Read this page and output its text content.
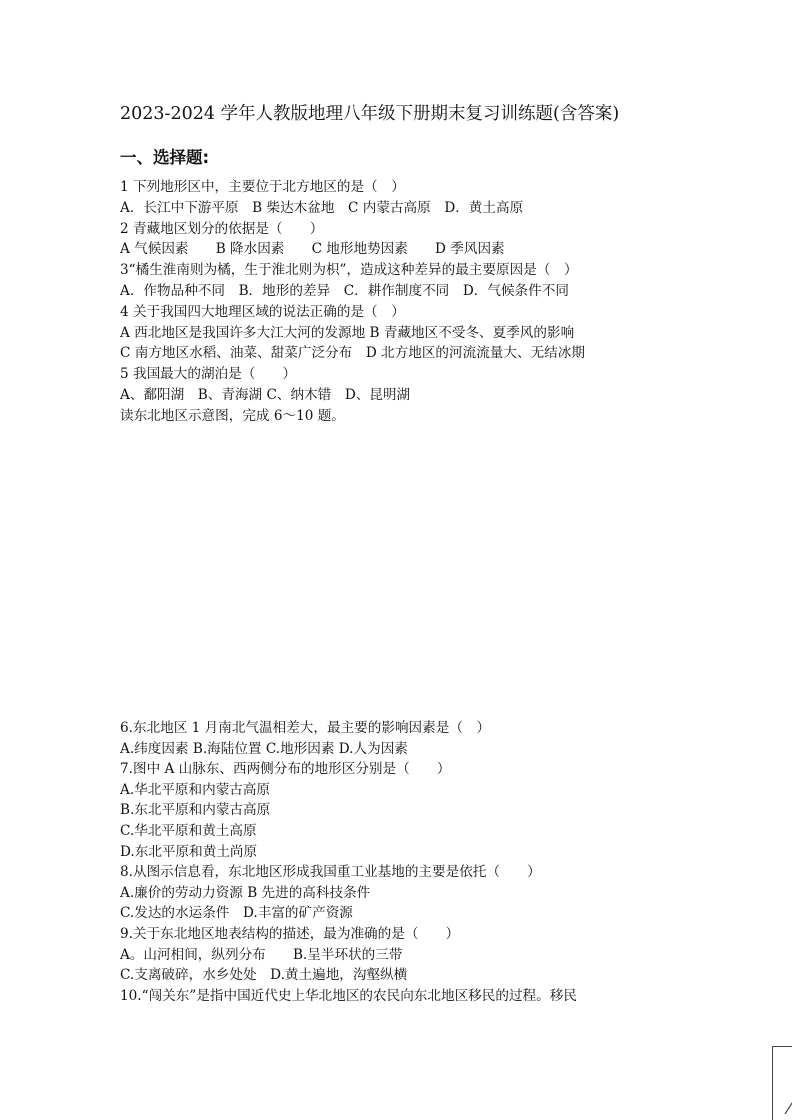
2023-2024 学年人教版地理八年级下册期末复习训练题(含答案)
一、选择题:
1 下列地形区中，主要位于北方地区的是（　）
A．长江中下游平原　B 柴达木盆地　C 内蒙古高原　D．黄土高原
2 青藏地区划分的依据是（　　）
A 气候因素　　B 降水因素　　C 地形地势因素　　D 季风因素
3“橘生淮南则为橘，生于淮北则为枳”，造成这种差异的最主要原因是（　）
A．作物品种不同　B．地形的差异　C．耕作制度不同　D．气候条件不同
4 关于我国四大地理区域的说法正确的是（　）
A 西北地区是我国许多大江大河的发源地 B 青藏地区不受冬、夏季风的影响
C 南方地区水稻、油菜、甜菜广泛分布　D 北方地区的河流流量大、无结冰期
5 我国最大的湖泊是（　　）
A、鄱阳湖　B、青海湖 C、纳木错　D、昆明湖
读东北地区示意图，完成 6～10 题。
6.东北地区 1 月南北气温相差大，最主要的影响因素是（　）
A.纬度因素 B.海陆位置 C.地形因素 D.人为因素
7.图中 A 山脉东、西两侧分布的地形区分别是（　　）
A.华北平原和内蒙古高原
B.东北平原和内蒙古高原
C.华北平原和黄土高原
D.东北平原和黄土尚原
8.从图示信息看，东北地区形成我国重工业基地的主要是依托（　　）
A.廉价的劳动力资源 B 先进的高科技条件
C.发达的水运条件　D.丰富的矿产资源
9.关于东北地区地表结构的描述，最为准确的是（　　）
A。山河相间，纵列分布　　B.呈半环状的三带
C.支离破碎，水乡处处　D.黄土遍地，沟壑纵横
10.“闯关东”是指中国近代史上华北地区的农民向东北地区移民的过程。移民
⁄
